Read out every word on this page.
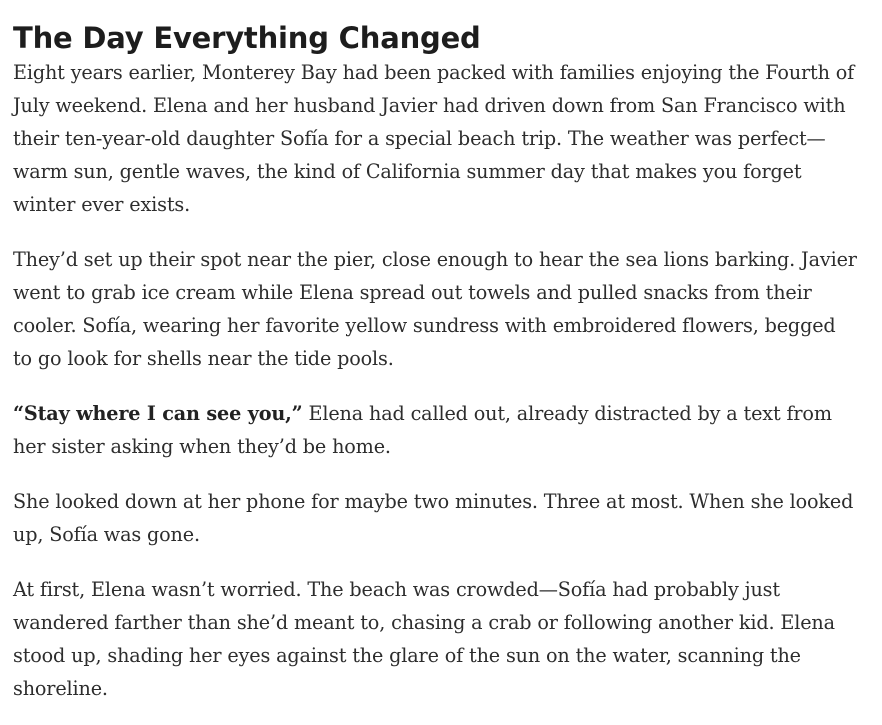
The Day Everything Changed

Eight years earlier, Monterey Bay had been packed with families enjoying the Fourth of July weekend. Elena and her husband Javier had driven down from San Francisco with their ten-year-old daughter Sofía for a special beach trip. The weather was perfect—warm sun, gentle waves, the kind of California summer day that makes you forget winter ever exists.

They’d set up their spot near the pier, close enough to hear the sea lions barking. Javier went to grab ice cream while Elena spread out towels and pulled snacks from their cooler. Sofía, wearing her favorite yellow sundress with embroidered flowers, begged to go look for shells near the tide pools.

“Stay where I can see you,” Elena had called out, already distracted by a text from her sister asking when they’d be home.

She looked down at her phone for maybe two minutes. Three at most. When she looked up, Sofía was gone.

At first, Elena wasn’t worried. The beach was crowded—Sofía had probably just wandered farther than she’d meant to, chasing a crab or following another kid. Elena stood up, shading her eyes against the glare of the sun on the water, scanning the shoreline.
